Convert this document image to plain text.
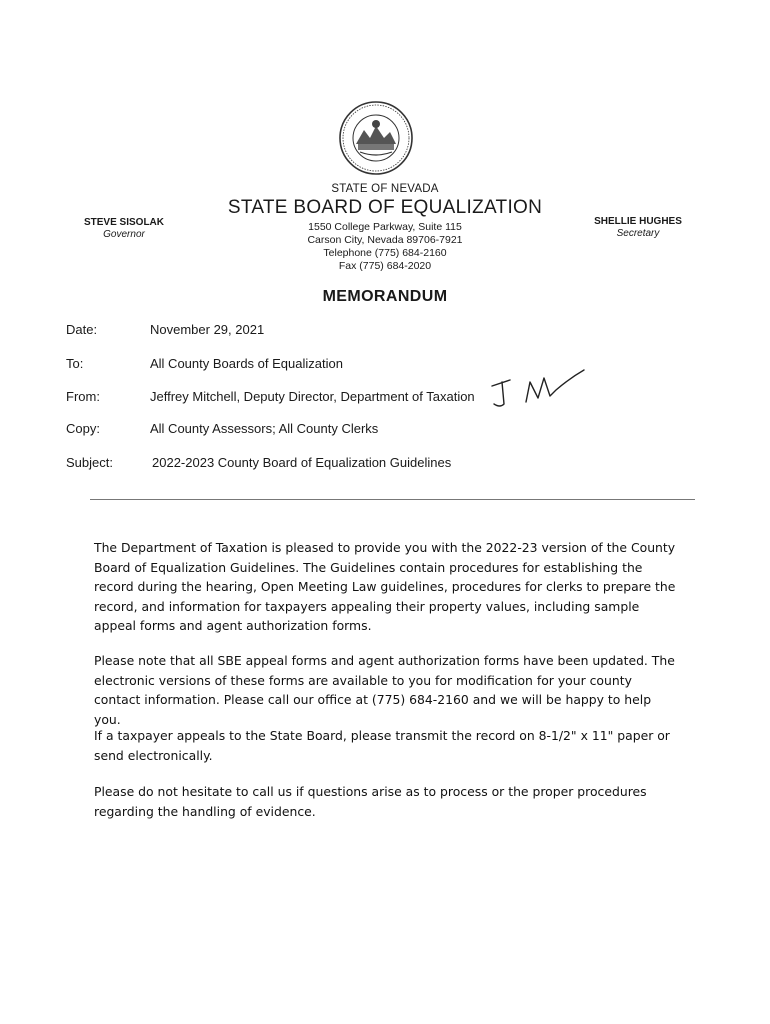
STATE OF NEVADA
STATE BOARD OF EQUALIZATION
1550 College Parkway, Suite 115
Carson City, Nevada 89706-7921
Telephone (775) 684-2160
Fax (775) 684-2020
STEVE SISOLAK
Governor
SHELLIE HUGHES
Secretary
MEMORANDUM
Date:	November 29, 2021
To:	All County Boards of Equalization
From:	Jeffrey Mitchell, Deputy Director, Department of Taxation
Copy:	All County Assessors; All County Clerks
Subject:	2022-2023 County Board of Equalization Guidelines

The Department of Taxation is pleased to provide you with the 2022-23 version of the County Board of Equalization Guidelines. The Guidelines contain procedures for establishing the record during the hearing, Open Meeting Law guidelines, procedures for clerks to prepare the record, and information for taxpayers appealing their property values, including sample appeal forms and agent authorization forms.

Please note that all SBE appeal forms and agent authorization forms have been updated. The electronic versions of these forms are available to you for modification for your county contact information. Please call our office at (775) 684-2160 and we will be happy to help you.

If a taxpayer appeals to the State Board, please transmit the record on 8-1/2" x 11" paper or send electronically.

Please do not hesitate to call us if questions arise as to process or the proper procedures regarding the handling of evidence.
